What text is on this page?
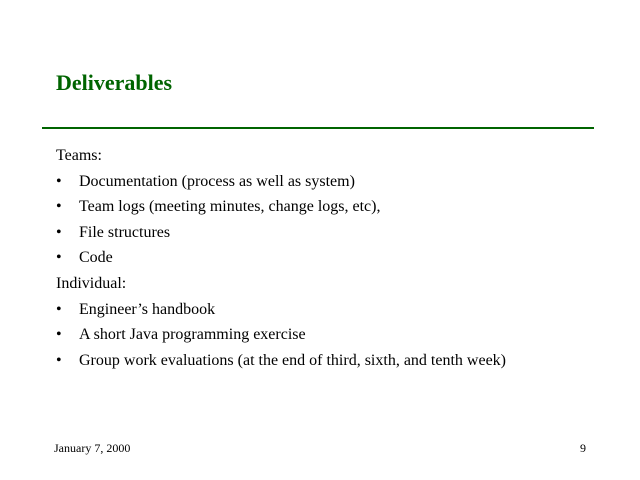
Deliverables
Teams:
• Documentation (process as well as system)
• Team logs (meeting minutes, change logs, etc),
• File structures
• Code
Individual:
• Engineer’s handbook
• A short Java programming exercise
• Group work evaluations (at the end of third, sixth, and tenth week)
January 7, 2000	9
